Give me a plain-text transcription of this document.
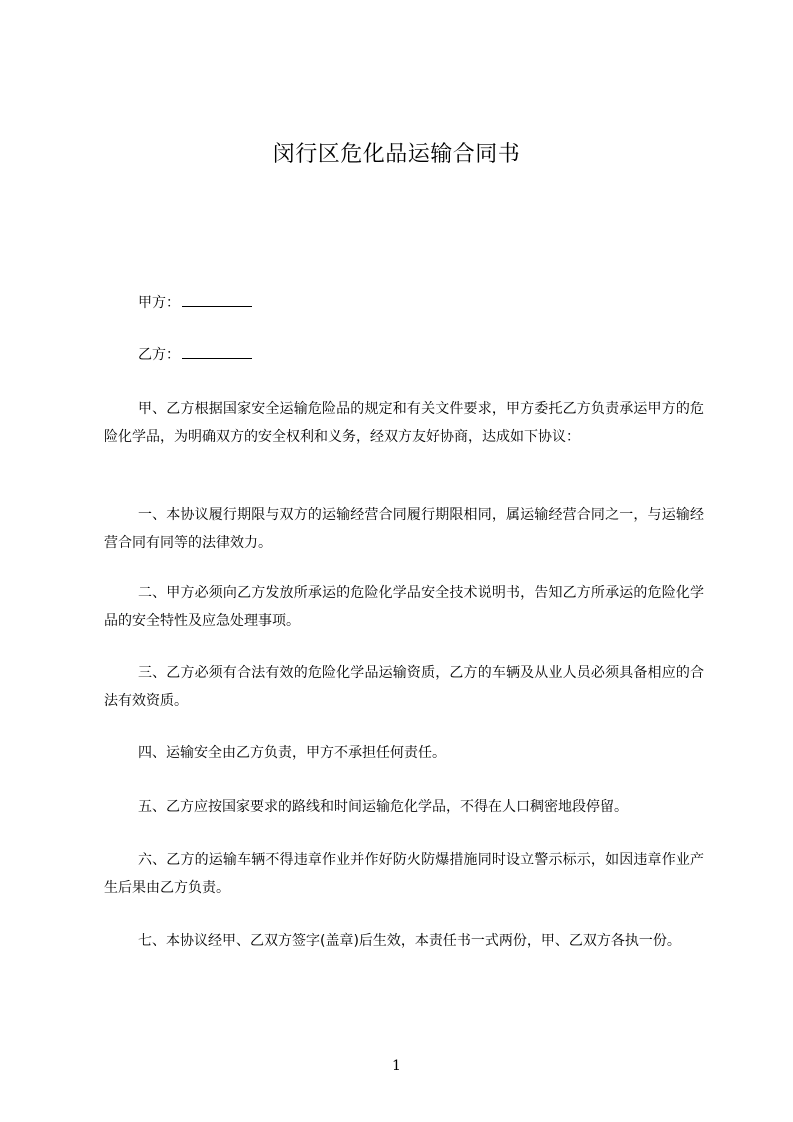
闵行区危化品运输合同书
甲方：
乙方：

甲、乙方根据国家安全运输危险品的规定和有关文件要求，甲方委托乙方负责承运甲方的危险化学品，为明确双方的安全权利和义务，经双方友好协商，达成如下协议：

一、本协议履行期限与双方的运输经营合同履行期限相同，属运输经营合同之一，与运输经营合同有同等的法律效力。

二、甲方必须向乙方发放所承运的危险化学品安全技术说明书，告知乙方所承运的危险化学品的安全特性及应急处理事项。

三、乙方必须有合法有效的危险化学品运输资质，乙方的车辆及从业人员必须具备相应的合法有效资质。

四、运输安全由乙方负责，甲方不承担任何责任。

五、乙方应按国家要求的路线和时间运输危化学品，不得在人口稠密地段停留。

六、乙方的运输车辆不得违章作业并作好防火防爆措施同时设立警示标示，如因违章作业产生后果由乙方负责。

七、本协议经甲、乙双方签字(盖章)后生效，本责任书一式两份，甲、乙双方各执一份。

1
